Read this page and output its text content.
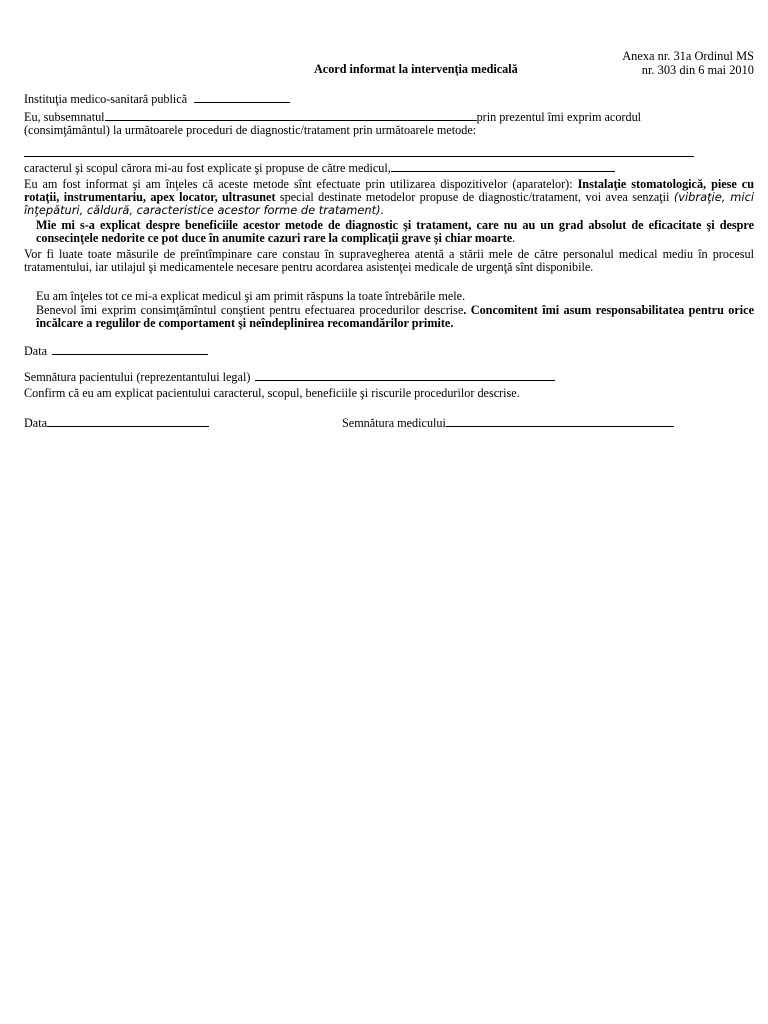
Anexa nr. 31a Ordinul MS
nr. 303 din 6 mai 2010
Acord informat la intervenţia medicală
Instituţia medico-sanitară publică
Eu, subsemnatul	prin prezentul îmi exprim acordul
(consimţământul) la următoarele proceduri de diagnostic/tratament prin următoarele metode:
caracterul şi scopul cărora mi-au fost explicate şi propuse de către medicul,
Eu am fost informat şi am înţeles că aceste metode sînt efectuate prin utilizarea dispozitivelor (aparatelor): Instalaţie stomatologică, piese cu rotaţii, instrumentariu, apex locator, ultrasunet special destinate metodelor propuse de diagnostic/tratament, voi avea senzaţii (vibraţie, mici înţepături, căldură, caracteristice acestor forme de tratament).
Mie mi s-a explicat despre beneficiile acestor metode de diagnostic şi tratament, care nu au un grad absolut de eficacitate şi despre consecinţele nedorite ce pot duce în anumite cazuri rare la complicaţii grave şi chiar moarte.
Vor fi luate toate măsurile de preîntîmpinare care constau în supravegherea atentă a stării mele de către personalul medical mediu în procesul tratamentului, iar utilajul şi medicamentele necesare pentru acordarea asistenţei medicale de urgenţă sînt disponibile.
Eu am înţeles tot ce mi-a explicat medicul şi am primit răspuns la toate întrebările mele.
Benevol îmi exprim consimţămîntul conştient pentru efectuarea procedurilor descrise. Concomitent îmi asum responsabilitatea pentru orice încălcare a regulilor de comportament şi neîndeplinirea recomandărilor primite.
Data
Semnătura pacientului (reprezentantului legal)
Confirm că eu am explicat pacientului caracterul, scopul, beneficiile şi riscurile procedurilor descrise.
Data	Semnătura medicului
